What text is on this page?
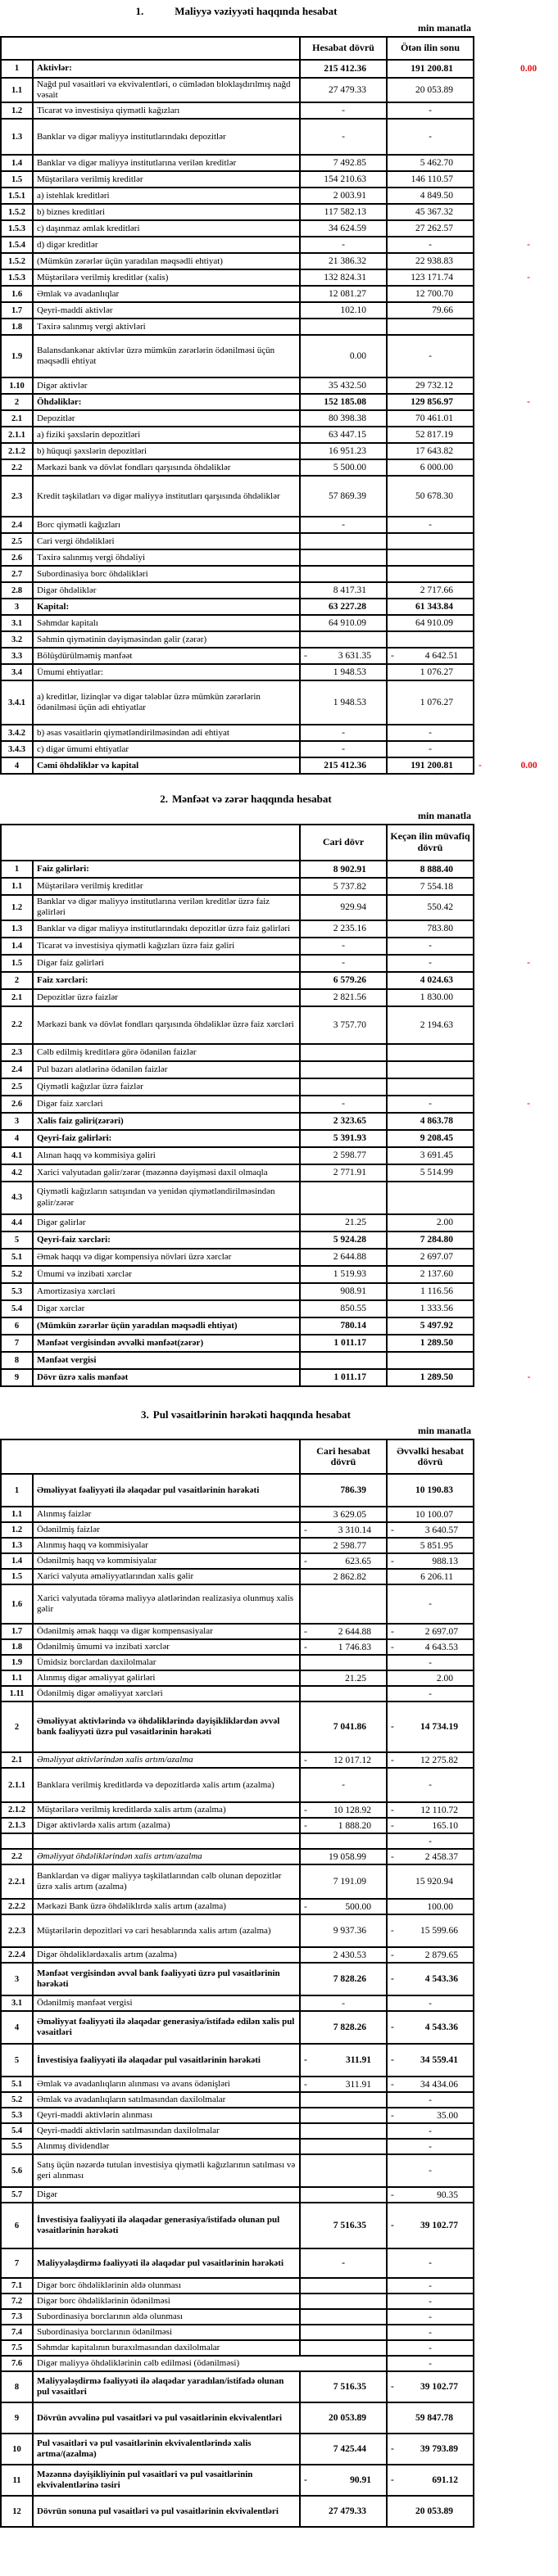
1.	Maliyyə vəziyyəti haqqında hesabat
min manatla
		Hesabat dövrü	Ötən ilin sonu	
1	Aktivlər:	215 412.36	191 200.81	0.00

1.1	Nağd pul vəsaitləri və ekvivalentləri, o cümlədən bloklaşdırılmış nağd vəsait	27 479.33	20 053.89	
1.2	Ticarət və investisiya qiymətli kağızları	-	-	
1.3	Banklar və digər maliyyə institutlarındakı depozitlər	-	-	
1.4	Banklar və digər maliyyə institutlarına verilən kreditlər	7 492.85	5 462.70	
1.5	Müştərilərə verilmiş kreditlər	154 210.63	146 110.57	
1.5.1	a) istehlak kreditləri	2 003.91	4 849.50	
1.5.2	b) biznes kreditləri	117 582.13	45 367.32	
1.5.3	c) daşınmaz əmlak kreditləri	34 624.59	27 262.57	
1.5.4	d) digər kreditlər	-	-	-

1.5.2	(Mümkün zərərlər üçün yaradılan məqsədli ehtiyat)	21 386.32	22 938.83	
1.5.3	Müştərilərə verilmiş kreditlər (xalis)	132 824.31	123 171.74	-

1.6	Əmlak və avadanlıqlar	12 081.27	12 700.70	
1.7	Qeyri-maddi aktivlər	102.10	79.66	
1.8	Təxirə salınmış vergi aktivləri			
1.9	Balansdankənar aktivlər üzrə mümkün zərərlərin ödənilməsi üçün məqsədli ehtiyat	0.00	-	
1.10	Digər aktivlər	35 432.50	29 732.12	
2	Öhdəliklər:	152 185.08	129 856.97	-

2.1	Depozitlər	80 398.38	70 461.01	
2.1.1	a) fiziki şəxslərin depozitləri	63 447.15	52 817.19	
2.1.2	b) hüquqi şəxslərin depozitləri	16 951.23	17 643.82	
2.2	Mərkəzi bank və dövlət fondları qarşısında öhdəliklər	5 500.00	6 000.00	
2.3	Kredit təşkilatları və digər maliyyə institutları qarşısında öhdəliklər	57 869.39	50 678.30	
2.4	Borc qiymətli kağızları	-	-	
2.5	Cari vergi öhdəlikləri			
2.6	Təxirə salınmış vergi öhdəliyi			
2.7	Subordinasiya borc öhdəlikləri			
2.8	Digər öhdəliklər	8 417.31	2 717.66	
3	Kapital:	63 227.28	61 343.84	
3.1	Səhmdar kapitalı	64 910.09	64 910.09	
3.2	Səhmin qiymətinin dəyişməsindən gəlir (zərər)			
3.3	Bölüşdürülməmiş mənfəət	- 3 631.35	- 4 642.51	
3.4	Ümumi ehtiyatlar:	1 948.53	1 076.27	
3.4.1	a) kreditlər, lizinqlər və digər tələblər üzrə mümkün zərərlərin ödənilməsi üçün adi ehtiyatlar	1 948.53	1 076.27	
3.4.2	b) əsas vəsaitlərin qiymətləndirilməsindən adi ehtiyat	-	-	
3.4.3	c) digər ümumi ehtiyatlar	-	-	
4	Cəmi öhdəliklər və kapital	215 412.36	191 200.81	- 0.00
2. Mənfəət və zərər haqqında hesabat
min manatla
		Cari dövr	Keçən ilin müvafiq dövrü	
1	Faiz gəlirləri:	8 902.91	8 888.40	
1.1	Müştərilərə verilmiş kreditlər	5 737.82	7 554.18	
1.2	Banklar və digər maliyyə institutlarına verilən kreditlər üzrə faiz gəlirləri	929.94	550.42	
1.3	Banklar və digər maliyyə institutlarındakı depozitlər üzrə faiz gəlirləri	2 235.16	783.80	
1.4	Ticarət və investisiya qiymətli kağızları üzrə faiz gəliri	-	-	
1.5	Digər faiz gəlirləri	-	-	-

2	Faiz xərcləri:	6 579.26	4 024.63	
2.1	Depozitlər üzrə faizlər	2 821.56	1 830.00	
2.2	Mərkəzi bank və dövlət fondları qarşısında öhdəliklər üzrə faiz xərcləri	3 757.70	2 194.63	
2.3	Cəlb edilmiş kreditlərə görə ödənilən faizlər			
2.4	Pul bazarı alətlərinə ödənilən faizlər			
2.5	Qiymətli kağızlar üzrə faizlər			
2.6	Digər faiz xərcləri	-	-	-

3	Xalis faiz gəliri(zərəri)	2 323.65	4 863.78	
4	Qeyri-faiz gəlirləri:	5 391.93	9 208.45	
4.1	Alınan haqq və kommisiya gəliri	2 598.77	3 691.45	
4.2	Xarici valyutadan gəlir/zərər (məzənnə dəyişməsi daxil olmaqla	2 771.91	5 514.99	
4.3	Qiymətli kağızların satışından və yenidən qiymətləndirilməsindən gəlir/zərər			
4.4	Digər gəlirlər	21.25	2.00	
5	Qeyri-faiz xərcləri:	5 924.28	7 284.80	
5.1	Əmək haqqı və digər kompensiya növləri üzrə xərclər	2 644.88	2 697.07	
5.2	Ümumi və inzibati xərclər	1 519.93	2 137.60	
5.3	Amortizasiya xərcləri	908.91	1 116.56	
5.4	Digər xərclər	850.55	1 333.56	
6	(Mümkün zərərlər üçün yaradılan məqsədli ehtiyat)	780.14	5 497.92	
7	Mənfəət vergisindən əvvəlki mənfəət(zərər)	1 011.17	1 289.50	
8	Mənfəət vergisi			
9	Dövr üzrə xalis mənfəət	1 011.17	1 289.50	-
3. Pul vəsaitlərinin hərəkəti haqqında hesabat
min manatla
		Cari hesabat dövrü	Əvvəlki hesabat dövrü	
1	Əməliyyat fəaliyyəti ilə əlaqədar pul vəsaitlərinin hərəkəti	786.39	10 190.83	
1.1	Alınmış faizlər	3 629.05	10 100.07	
1.2	Ödənilmiş faizlər	- 3 310.14	- 3 640.57	
1.3	Alınmış haqq və kommisiyalar	2 598.77	5 851.95	
1.4	Ödənilmiş haqq və kommisiyalar	- 623.65	- 988.13	
1.5	Xarici valyuta əməliyyatlarından xalis gəlir	2 862.82	6 206.11	
1.6	Xarici valyutada törəmə maliyyə alətlərindən realizasiya olunmuş xalis gəlir		-	
1.7	Ödənilmiş əmək haqqı və digər kompensasiyalar	- 2 644.88	- 2 697.07	
1.8	Ödənilmiş ümumi və inzibati xərclər	- 1 746.83	- 4 643.53	
1.9	Ümidsiz borclardan daxilolmalar		-	
1.1	Alınmış digər əməliyyat gəlirləri	21.25	2.00	
1.11	Ödənilmiş digər əməliyyat xərcləri		-	
2	Əməliyyat aktivlərində və öhdəliklərində dəyişikliklərdən əvvəl bank fəaliyyəti üzrə pul vəsaitlərinin hərəkəti	7 041.86	- 14 734.19	
2.1	Əməliyyat aktivlərindən xalis artım/azalma	- 12 017.12	- 12 275.82	
2.1.1	Banklara verilmiş kreditlərdə və depozitlərdə xalis artım (azalma)	-	-	
2.1.2	Müştərilərə verilmiş kreditlərdə xalis artım (azalma)	- 10 128.92	- 12 110.72	
2.1.3	Digər aktivlərdə xalis artım (azalma)	- 1 888.20	- 165.10	
			-	
2.2	Əməliyyat öhdəliklərindən xalis artım/azalma	19 058.99	- 2 458.37	
2.2.1	Banklardan və digər maliyyə təşkilatlarından cəlb olunan depozitlər üzrə xalis artım (azalma)	7 191.09	15 920.94	
2.2.2	Mərkəzi Bank üzrə öhdəliklırdə xalis artım (azalma)	- 500.00	100.00	
2.2.3	Müştərilərin depozitləri və cari hesablarında xalis artım (azalma)	9 937.36	- 15 599.66	
2.2.4	Digər öhdəliklərdəxalis artım (azalma)	2 430.53	- 2 879.65	
3	Mənfəət vergisindən əvvəl bank fəaliyyəti üzrə pul vəsaitlərinin hərəkəti	7 828.26	- 4 543.36	
3.1	Ödənilmiş mənfəət vergisi	-	-	
4	Əməliyyat fəaliyyəti ilə əlaqədar generasiya/istifadə edilən xalis pul vəsaitləri	7 828.26	- 4 543.36	
5	İnvestisiya fəaliyyəti ilə əlaqədar pul vəsaitlərinin hərəkəti	- 311.91	- 34 559.41	
5.1	Əmlak və avadanlıqların alınması və avans ödənişləri	- 311.91	- 34 434.06	
5.2	Əmlak və avadanlıqların satılmasından daxilolmalar		-	
5.3	Qeyri-maddi aktivlərin alınması		- 35.00	
5.4	Qeyri-maddi aktivlərin satılmasından daxilolmalar		-	
5.5	Alınmış dividendlər		-	
5.6	Satış üçün nəzərdə tutulan investisiya qiymətli kağızlarının satılması və geri alınması		-	
5.7	Digər		- 90.35	
6	İnvestisiya fəaliyyəti ilə əlaqədar generasiya/istifadə olunan pul vəsaitlərinin hərəkəti	7 516.35	- 39 102.77	
7	Maliyyələşdirmə fəaliyyəti ilə əlaqədar pul vəsaitlərinin hərəkəti	-	-	
7.1	Digər borc öhdəliklərinin əldə olunması		-	
7.2	Digər borc öhdəliklərinin ödənilməsi		-	
7.3	Subordinasiya borclarının əldə olunması		-	
7.4	Subordinasiya borclarının ödənilməsi		-	
7.5	Səhmdar kapitalının buraxılmasından daxilolmalar		-	
7.6	Digər maliyyə öhdəliklərinin cəlb edilməsi (ödənilməsi)		-	
8	Maliyyələşdirmə fəaliyyəti ilə əlaqədar yaradılan/istifadə olunan pul vəsaitləri	7 516.35	- 39 102.77	
9	Dövrün əvvəlinə pul vəsaitləri və pul vəsaitlərinin ekvivalentləri	20 053.89	59 847.78	
10	Pul vəsaitləri və pul vəsaitlərinin ekvivalentlərində xalis artma/(azalma)	7 425.44	- 39 793.89	
11	Məzənnə dəyişikliyinin pul vəsaitləri və pul vəsaitlərinin ekvivalentlərinə təsiri	- 90.91	- 691.12	
12	Dövrün sonuna pul vəsaitləri və pul vəsaitlərinin ekvivalentləri	27 479.33	20 053.89	
